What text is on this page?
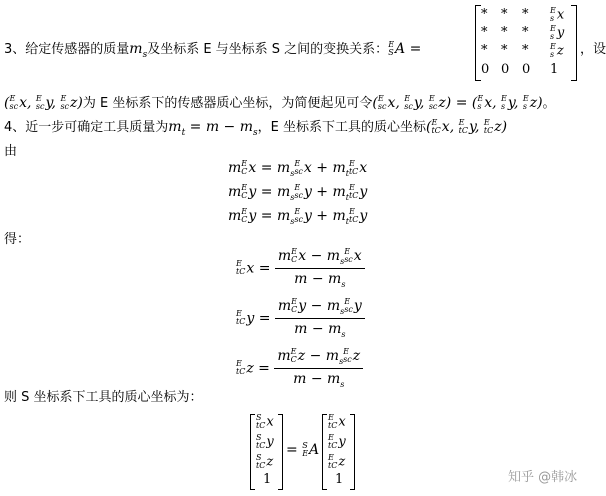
3、给定传感器的质量$m_s$及坐标系 E 与坐标系 S 之间的变换关系： E
S A =
* * *	E
s x
* * *	E
s y
* * *	E
s z
0 0 0 1
，设
( E
sc x, E
sc y, E
sc z)为 E 坐标系下的传感器质心坐标，为简便起见可令( E
sc x, E
sc y, E
sc z) = ( E
s x, E
s y, E
s z)。
4、近一步可确定工具质量为$m_t = m - m_s$，E 坐标系下工具的质心坐标( E
tC x, E
tC y, E
tC z)
由
m E
C $x = m_s$
E
sc $x + m_t$
E
tC x
m E
C $y = m_s$
E
sc $y + m_t$
E
tC y
m E
C $y = m_s$
E
sc $y + m_t$
E
tC y
得：
E
tC x = m E
C $x - m_s$
E
sc x
$m - m_s$
E
tC y = m E
C $y - m_s$
E
sc y
$m - m_s$
E
tC z = m E
C $z - m_s$
E
sc z
$m - m_s$
则 S 坐标系下工具的质心坐标为：
S
tC x
S
tC y
S
tC z
1
E
tC x
E
tC y
E
tC z
1
= S
E A
知乎 @韩冰
